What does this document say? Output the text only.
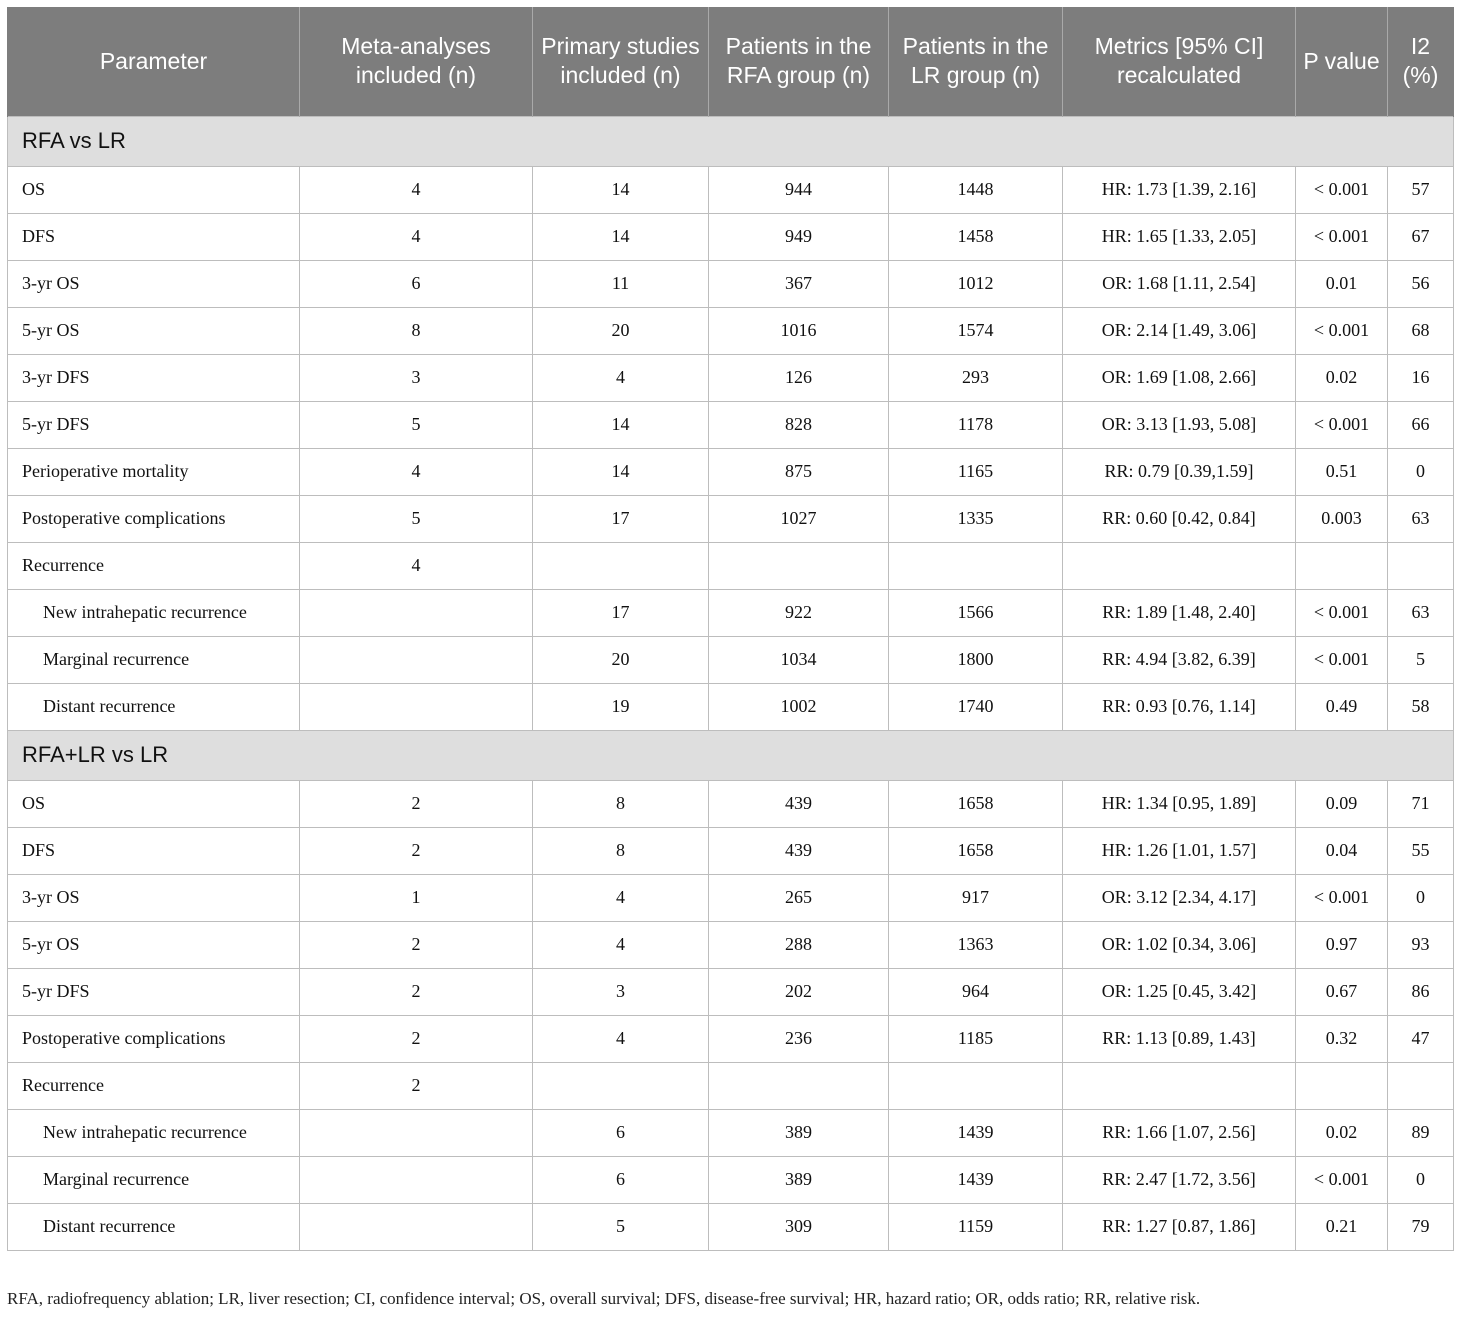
Parameter	Meta-analyses included (n)	Primary studies included (n)	Patients in the RFA group (n)	Patients in the LR group (n)	Metrics [95% CI] recalculated	P value	I2 (%)
RFA vs LR							
OS	4	14	944	1448	HR: 1.73 [1.39, 2.16]	< 0.001	57
DFS	4	14	949	1458	HR: 1.65 [1.33, 2.05]	< 0.001	67
3-yr OS	6	11	367	1012	OR: 1.68 [1.11, 2.54]	0.01	56
5-yr OS	8	20	1016	1574	OR: 2.14 [1.49, 3.06]	< 0.001	68
3-yr DFS	3	4	126	293	OR: 1.69 [1.08, 2.66]	0.02	16
5-yr DFS	5	14	828	1178	OR: 3.13 [1.93, 5.08]	< 0.001	66
Perioperative mortality	4	14	875	1165	RR: 0.79 [0.39,1.59]	0.51	0
Postoperative complications	5	17	1027	1335	RR: 0.60 [0.42, 0.84]	0.003	63
Recurrence	4						
New intrahepatic recurrence		17	922	1566	RR: 1.89 [1.48, 2.40]	< 0.001	63
Marginal recurrence		20	1034	1800	RR: 4.94 [3.82, 6.39]	< 0.001	5
Distant recurrence		19	1002	1740	RR: 0.93 [0.76, 1.14]	0.49	58
RFA+LR vs LR							
OS	2	8	439	1658	HR: 1.34 [0.95, 1.89]	0.09	71
DFS	2	8	439	1658	HR: 1.26 [1.01, 1.57]	0.04	55
3-yr OS	1	4	265	917	OR: 3.12 [2.34, 4.17]	< 0.001	0
5-yr OS	2	4	288	1363	OR: 1.02 [0.34, 3.06]	0.97	93
5-yr DFS	2	3	202	964	OR: 1.25 [0.45, 3.42]	0.67	86
Postoperative complications	2	4	236	1185	RR: 1.13 [0.89, 1.43]	0.32	47
Recurrence	2						
New intrahepatic recurrence		6	389	1439	RR: 1.66 [1.07, 2.56]	0.02	89
Marginal recurrence		6	389	1439	RR: 2.47 [1.72, 3.56]	< 0.001	0
Distant recurrence		5	309	1159	RR: 1.27 [0.87, 1.86]	0.21	79
RFA, radiofrequency ablation; LR, liver resection; CI, confidence interval; OS, overall survival; DFS, disease-free survival; HR, hazard ratio; OR, odds ratio; RR, relative risk.
